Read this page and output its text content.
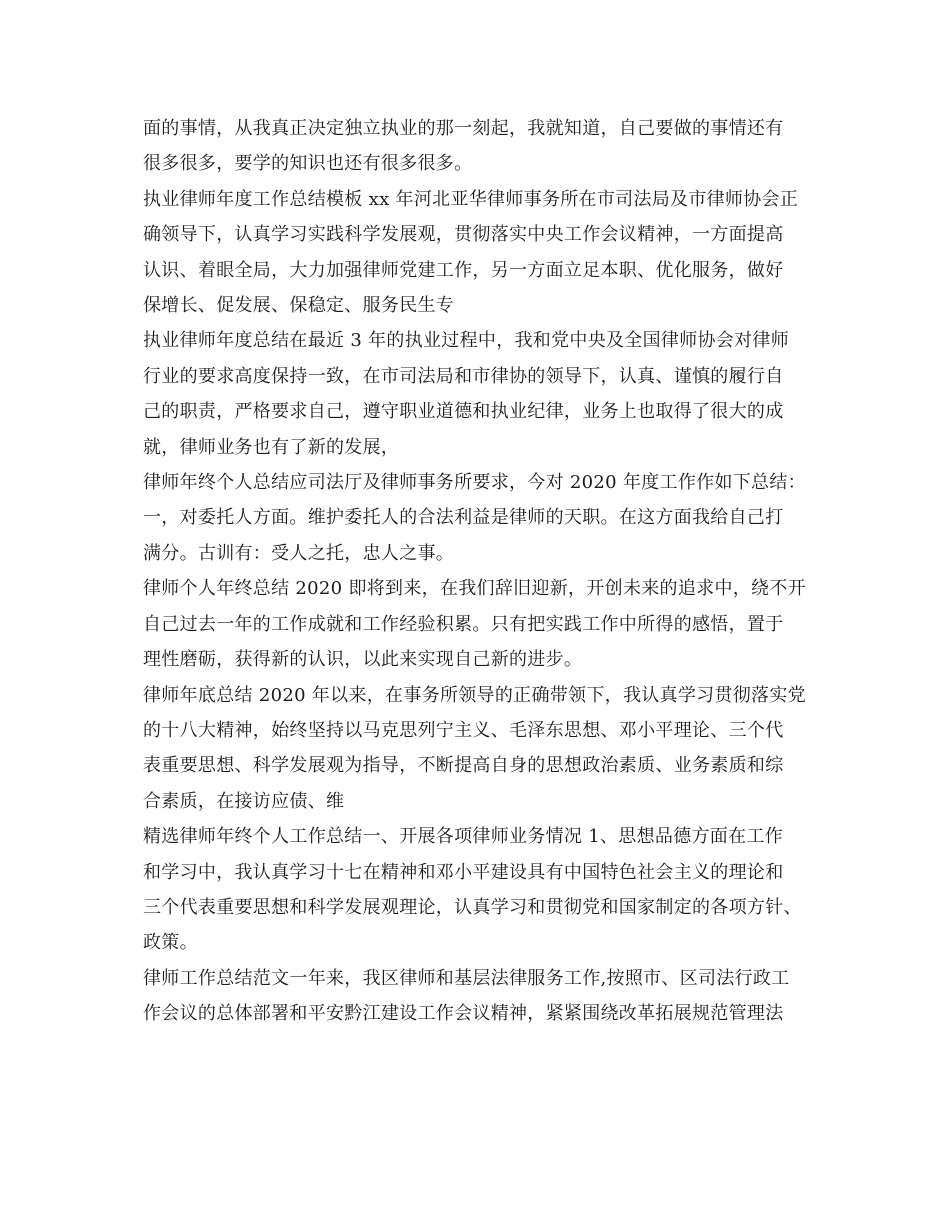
面的事情，从我真正决定独立执业的那一刻起，我就知道，自己要做的事情还有

很多很多，要学的知识也还有很多很多。

执业律师年度工作总结模板 xx 年河北亚华律师事务所在市司法局及市律师协会正

确领导下，认真学习实践科学发展观，贯彻落实中央工作会议精神，一方面提高

认识、着眼全局，大力加强律师党建工作，另一方面立足本职、优化服务，做好

保增长、促发展、保稳定、服务民生专

执业律师年度总结在最近 3 年的执业过程中，我和党中央及全国律师协会对律师

行业的要求高度保持一致，在市司法局和市律协的领导下，认真、谨慎的履行自

己的职责，严格要求自己，遵守职业道德和执业纪律，业务上也取得了很大的成

就，律师业务也有了新的发展，

律师年终个人总结应司法厅及律师事务所要求，今对 2020 年度工作作如下总结：

一，对委托人方面。维护委托人的合法利益是律师的天职。在这方面我给自己打

满分。古训有：受人之托，忠人之事。

律师个人年终总结 2020 即将到来，在我们辞旧迎新，开创未来的追求中，绕不开

自己过去一年的工作成就和工作经验积累。只有把实践工作中所得的感悟，置于

理性磨砺，获得新的认识，以此来实现自己新的进步。

律师年底总结 2020 年以来，在事务所领导的正确带领下，我认真学习贯彻落实党

的十八大精神，始终坚持以马克思列宁主义、毛泽东思想、邓小平理论、三个代

表重要思想、科学发展观为指导，不断提高自身的思想政治素质、业务素质和综

合素质，在接访应债、维

精选律师年终个人工作总结一、开展各项律师业务情况 1、思想品德方面在工作

和学习中，我认真学习十七在精神和邓小平建设具有中国特色社会主义的理论和

三个代表重要思想和科学发展观理论，认真学习和贯彻党和国家制定的各项方针、

政策。

律师工作总结范文一年来，我区律师和基层法律服务工作,按照市、区司法行政工

作会议的总体部署和平安黔江建设工作会议精神，紧紧围绕改革拓展规范管理法
